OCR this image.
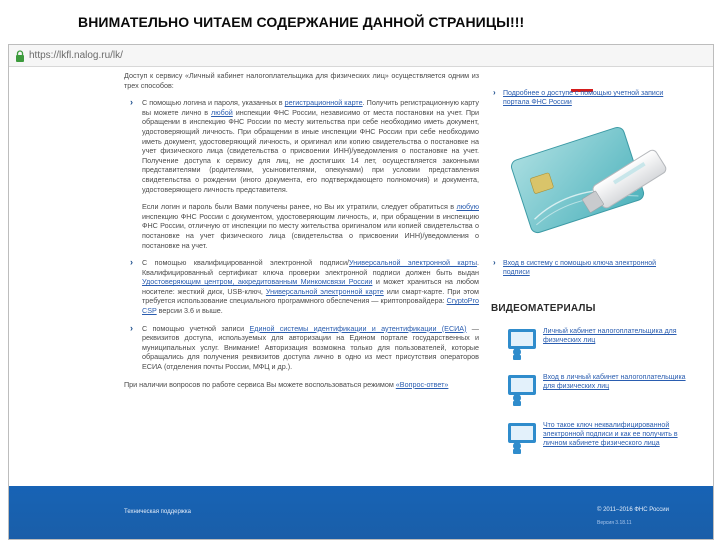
ВНИМАТЕЛЬНО ЧИТАЕМ СОДЕРЖАНИЕ ДАННОЙ СТРАНИЦЫ!!!
https://lkfl.nalog.ru/lk/
Доступ к сервису «Личный кабинет налогоплательщика для физических лиц» осуществляется одним из трех способов:
› С помощью логина и пароля, указанных в регистрационной карте. Получить регистрационную карту вы можете лично в любой инспекции ФНС России, независимо от места постановки на учет. При обращении в инспекцию ФНС России по месту жительства при себе необходимо иметь документ, удостоверяющий личность. При обращении в иные инспекции ФНС России при себе необходимо иметь документ, удостоверяющий личность, и оригинал или копию свидетельства о постановке на учет физического лица (свидетельства о присвоении ИНН)/уведомления о постановке на учет. Получение доступа к сервису для лиц, не достигших 14 лет, осуществляется законными представителями (родителями, усыновителями, опекунами) при условии представления свидетельства о рождении (иного документа, его подтверждающего полномочия) и документа, удостоверяющего личность представителя.
Если логин и пароль были Вами получены ранее, но Вы их утратили, следует обратиться в любую инспекцию ФНС России с документом, удостоверяющим личность, и, при обращении в инспекцию ФНС России, отличную от инспекции по месту жительства оригиналом или копией свидетельства о постановке на учет физического лица (свидетельства о присвоении ИНН)/уведомления о постановке на учет.
› С помощью квалифицированной электронной подписи/Универсальной электронной карты. Квалифицированный сертификат ключа проверки электронной подписи должен быть выдан Удостоверяющим центром, аккредитованным Минкомсвязи России и может храниться на любом носителе: жесткий диск, USB-ключ, Универсальной электронной карте или смарт-карте. При этом требуется использование специального программного обеспечения — криптопровайдера: CryptoPro CSP версии 3.6 и выше.
› С помощью учетной записи Единой системы идентификации и аутентификации (ЕСИА) — реквизитов доступа, используемых для авторизации на Едином портале государственных и муниципальных услуг. Внимание! Авторизация возможна только для пользователей, которые обращались для получения реквизитов доступа лично в одно из мест присутствия операторов ЕСИА (отделения почты России, МФЦ и др.).
При наличии вопросов по работе сервиса Вы можете воспользоваться режимом «Вопрос-ответ»
› Подробнее о доступе с помощью учетной записи портала ФНС России
› Вход в систему с помощью ключа электронной подписи
ВИДЕОМАТЕРИАЛЫ
Личный кабинет налогоплательщика для физических лиц
Вход в личный кабинет налогоплательщика для физических лиц
Что такое ключ неквалифицированной электронной подписи и как ее получить в личном кабинете физического лица
Техническая поддержка	© 2011–2016 ФНС России
Версия 3.18.11
